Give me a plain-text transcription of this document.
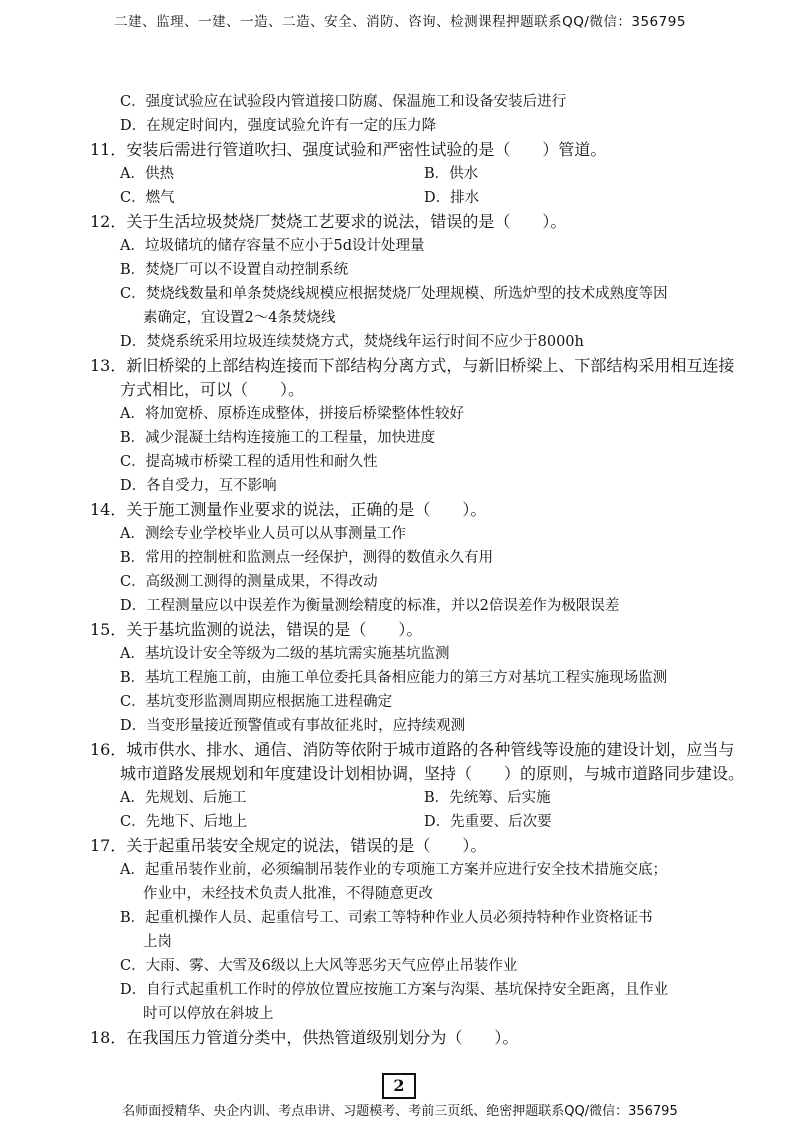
二建、监理、一建、一造、二造、安全、消防、咨询、检测课程押题联系QQ/微信：356795
C．强度试验应在试验段内管道接口防腐、保温施工和设备安装后进行
D．在规定时间内，强度试验允许有一定的压力降
11．安装后需进行管道吹扫、强度试验和严密性试验的是（　　）管道。
A．供热	B．供水
C．燃气	D．排水
12．关于生活垃圾焚烧厂焚烧工艺要求的说法，错误的是（　　）。
A．垃圾储坑的储存容量不应小于5d设计处理量
B．焚烧厂可以不设置自动控制系统
C．焚烧线数量和单条焚烧线规模应根据焚烧厂处理规模、所选炉型的技术成熟度等因
素确定，宜设置2～4条焚烧线
D．焚烧系统采用垃圾连续焚烧方式，焚烧线年运行时间不应少于8000h
13．新旧桥梁的上部结构连接而下部结构分离方式，与新旧桥梁上、下部结构采用相互连接
方式相比，可以（　　）。
A．将加宽桥、原桥连成整体，拼接后桥梁整体性较好
B．减少混凝土结构连接施工的工程量，加快进度
C．提高城市桥梁工程的适用性和耐久性
D．各自受力，互不影响
14．关于施工测量作业要求的说法，正确的是（　　）。
A．测绘专业学校毕业人员可以从事测量工作
B．常用的控制桩和监测点一经保护，测得的数值永久有用
C．高级测工测得的测量成果，不得改动
D．工程测量应以中误差作为衡量测绘精度的标准，并以2倍误差作为极限误差
15．关于基坑监测的说法，错误的是（　　）。
A．基坑设计安全等级为二级的基坑需实施基坑监测
B．基坑工程施工前，由施工单位委托具备相应能力的第三方对基坑工程实施现场监测
C．基坑变形监测周期应根据施工进程确定
D．当变形量接近预警值或有事故征兆时，应持续观测
16．城市供水、排水、通信、消防等依附于城市道路的各种管线等设施的建设计划，应当与
城市道路发展规划和年度建设计划相协调，坚持（　　）的原则，与城市道路同步建设。
A．先规划、后施工	B．先统筹、后实施
C．先地下、后地上	D．先重要、后次要
17．关于起重吊装安全规定的说法，错误的是（　　）。
A．起重吊装作业前，必须编制吊装作业的专项施工方案并应进行安全技术措施交底；
作业中，未经技术负责人批准，不得随意更改
B．起重机操作人员、起重信号工、司索工等特种作业人员必须持特种作业资格证书
上岗
C．大雨、雾、大雪及6级以上大风等恶劣天气应停止吊装作业
D．自行式起重机工作时的停放位置应按施工方案与沟渠、基坑保持安全距离，且作业
时可以停放在斜坡上
18．在我国压力管道分类中，供热管道级别划分为（　　）。
2
名师面授精华、央企内训、考点串讲、习题模考、考前三页纸、绝密押题联系QQ/微信：356795
